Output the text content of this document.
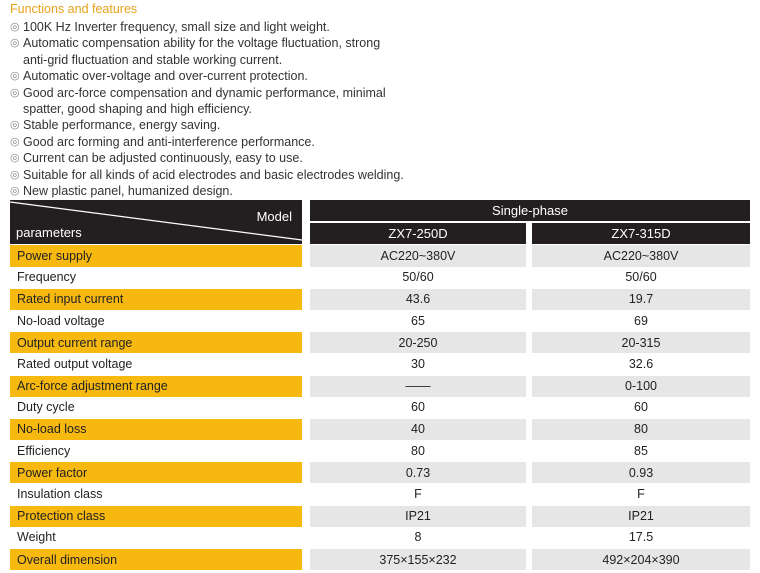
Functions and features
◎ 100K Hz Inverter frequency, small size and light weight.
◎ Automatic compensation ability for the voltage fluctuation, strong
anti-grid fluctuation and stable working current.
◎ Automatic over-voltage and over-current protection.
◎ Good arc-force compensation and dynamic performance, minimal
spatter, good shaping and high efficiency.
◎ Stable performance, energy saving.
◎ Good arc forming and anti-interference performance.
◎ Current can be adjusted continuously, easy to use.
◎ Suitable for all kinds of acid electrodes and basic electrodes welding.
◎ New plastic panel, humanized design.
Model
parameters		Single-phase		
		ZX7-250D		ZX7-315D
Power supply		AC220~380V		AC220~380V
Frequency		50/60		50/60
Rated input current		43.6		19.7
No-load voltage		65		69
Output current range		20-250		20-315
Rated output voltage		30		32.6
Arc-force adjustment range		——		0-100
Duty cycle		60		60
No-load loss		40		80
Efficiency		80		85
Power factor		0.73		0.93
Insulation class		F		F
Protection class		IP21		IP21
Weight		8		17.5
Overall dimension		375×155×232		492×204×390
